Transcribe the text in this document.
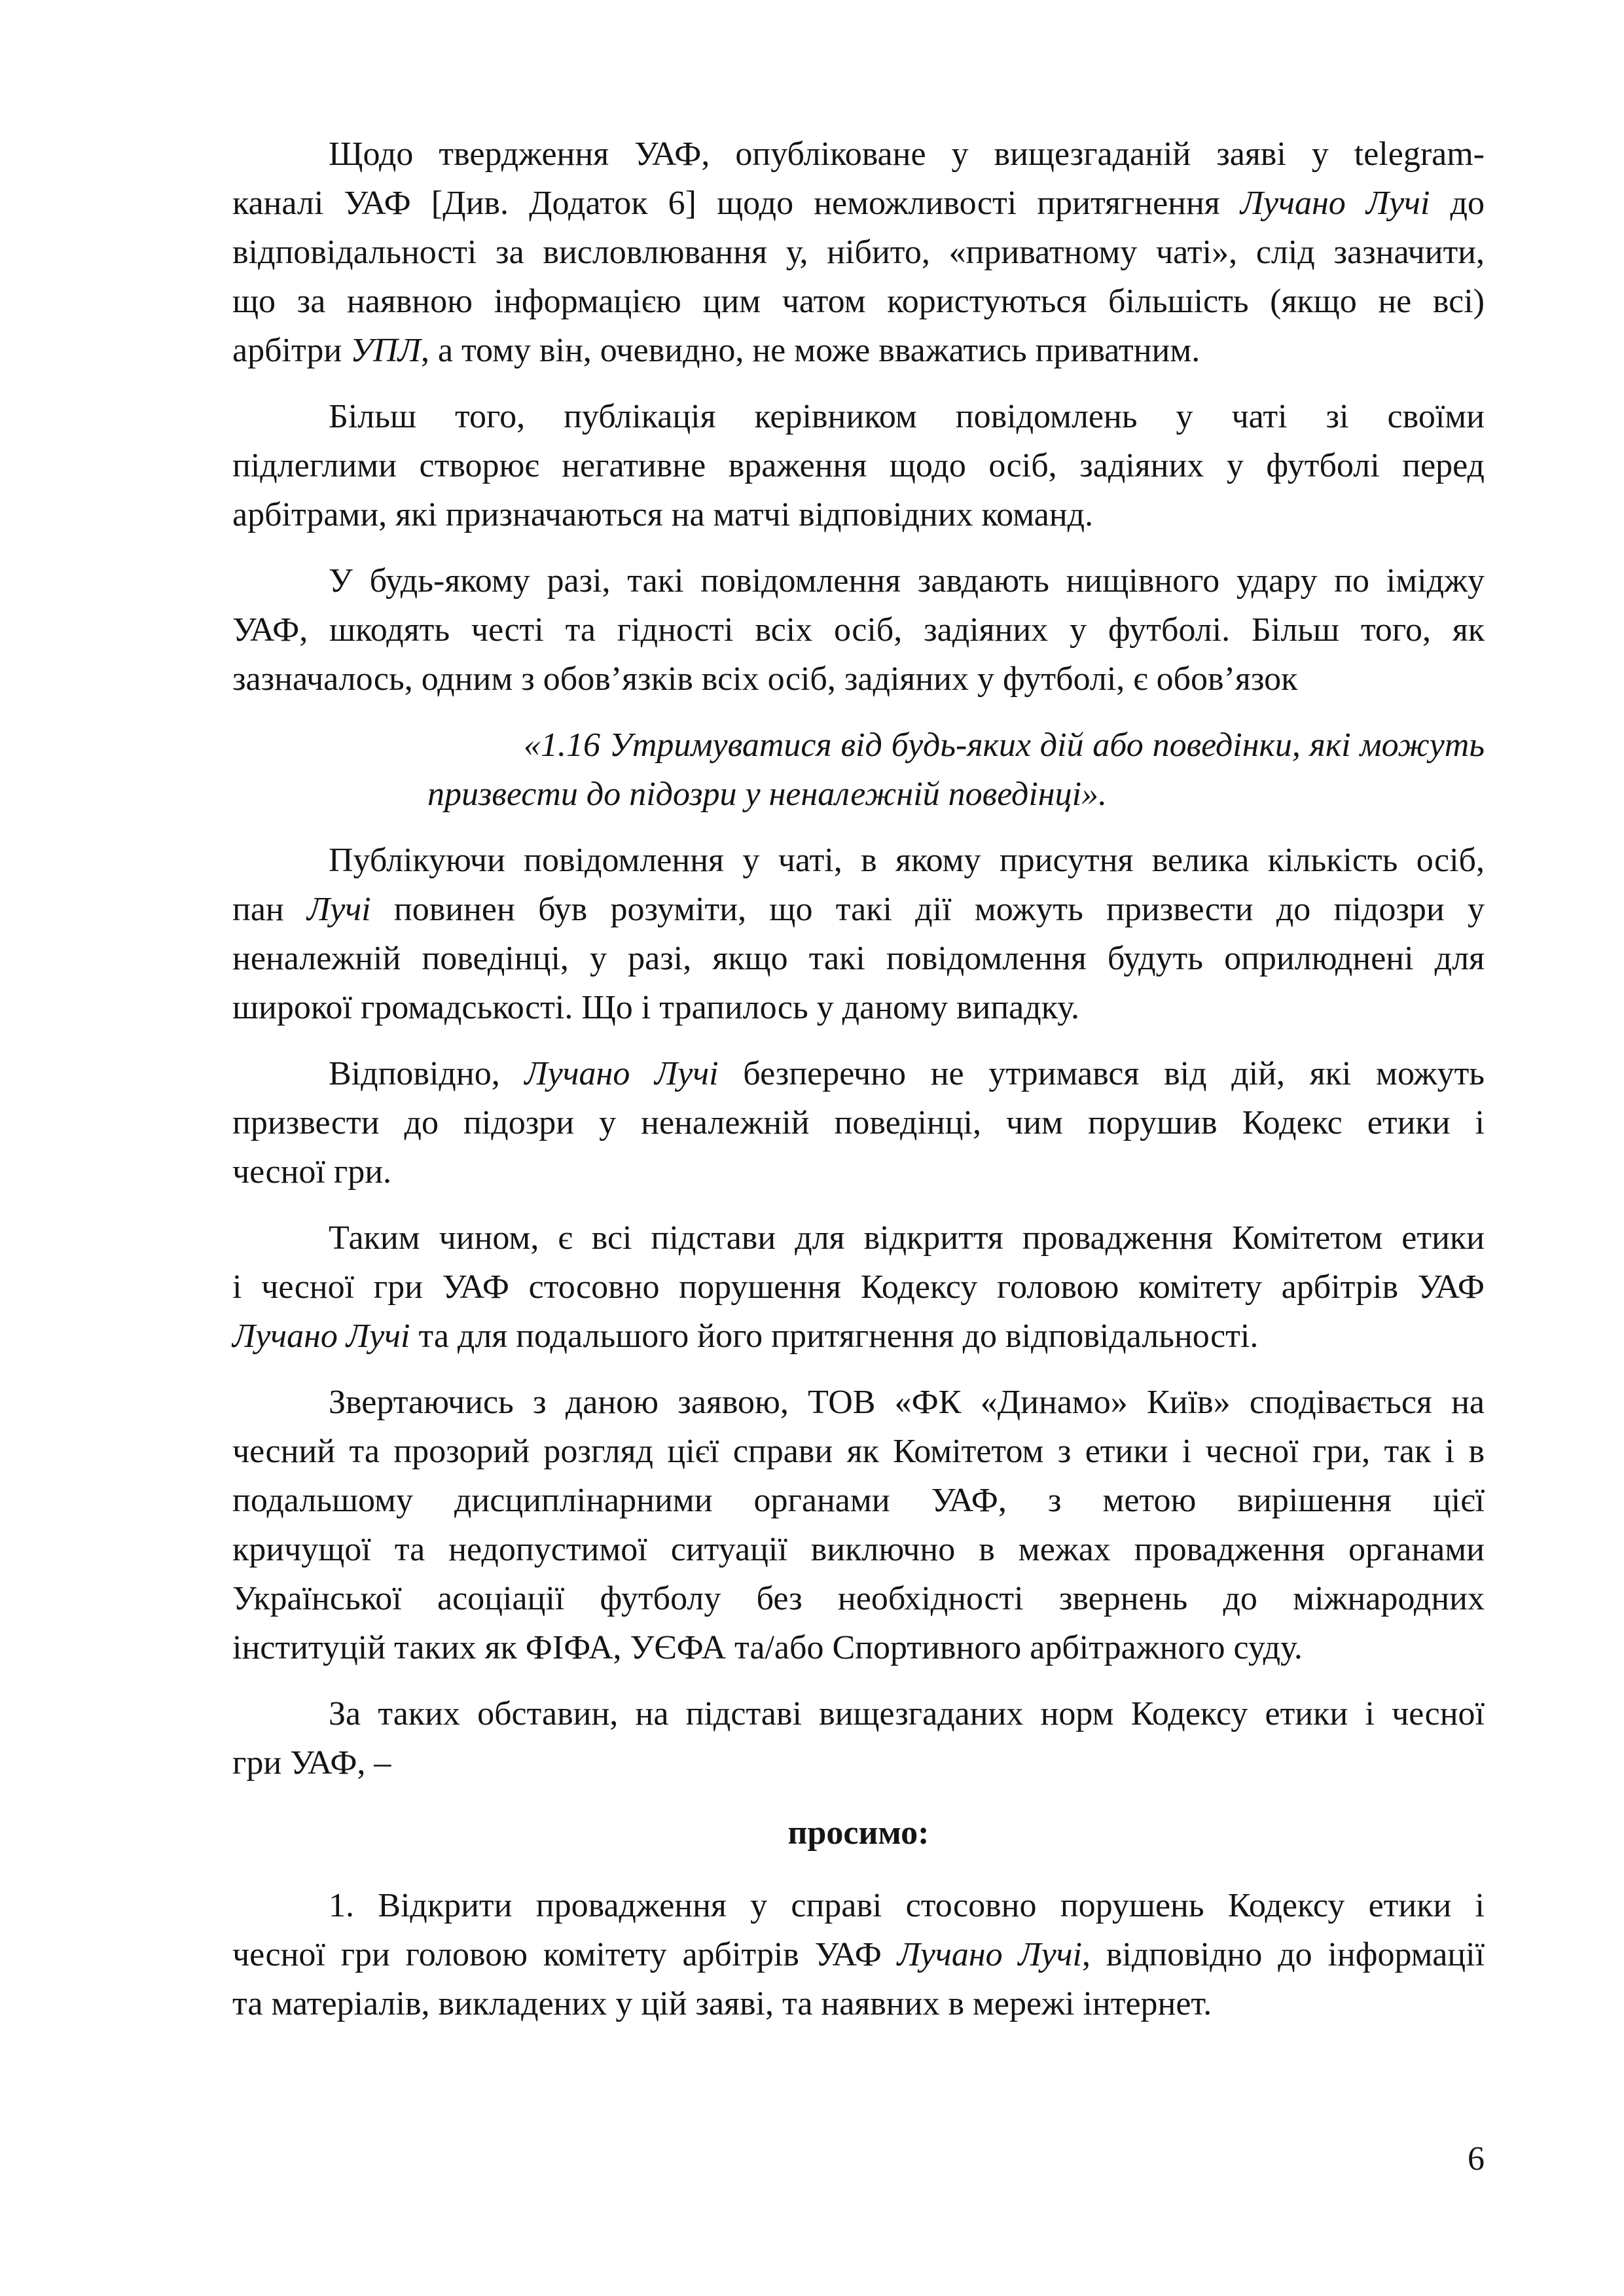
Щодо твердження УАФ, опубліковане у вищезгаданій заяві у telegram-
каналі УАФ [Див. Додаток 6] щодо неможливості притягнення Лучано Лучі до
відповідальності за висловлювання у, нібито, «приватному чаті», слід зазначити,
що за наявною інформацією цим чатом користуються більшість (якщо не всі)
арбітри УПЛ, а тому він, очевидно, не може вважатись приватним.
Більш того, публікація керівником повідомлень у чаті зі своїми
підлеглими створює негативне враження щодо осіб, задіяних у футболі перед
арбітрами, які призначаються на матчі відповідних команд.
У будь-якому разі, такі повідомлення завдають нищівного удару по іміджу
УАФ, шкодять честі та гідності всіх осіб, задіяних у футболі. Більш того, як
зазначалось, одним з обов’язків всіх осіб, задіяних у футболі, є обов’язок
«1.16 Утримуватися від будь-яких дій або поведінки, які можуть
призвести до підозри у неналежній поведінці».
Публікуючи повідомлення у чаті, в якому присутня велика кількість осіб,
пан Лучі повинен був розуміти, що такі дії можуть призвести до підозри у
неналежній поведінці, у разі, якщо такі повідомлення будуть оприлюднені для
широкої громадськості. Що і трапилось у даному випадку.
Відповідно, Лучано Лучі безперечно не утримався від дій, які можуть
призвести до підозри у неналежній поведінці, чим порушив Кодекс етики і
чесної гри.
Таким чином, є всі підстави для відкриття провадження Комітетом етики
і чесної гри УАФ стосовно порушення Кодексу головою комітету арбітрів УАФ
Лучано Лучі та для подальшого його притягнення до відповідальності.
Звертаючись з даною заявою, ТОВ «ФК «Динамо» Київ» сподівається на
чесний та прозорий розгляд цієї справи як Комітетом з етики і чесної гри, так і в
подальшому дисциплінарними органами УАФ, з метою вирішення цієї
кричущої та недопустимої ситуації виключно в межах провадження органами
Української асоціації футболу без необхідності звернень до міжнародних
інституцій таких як ФІФА, УЄФА та/або Спортивного арбітражного суду.
За таких обставин, на підставі вищезгаданих норм Кодексу етики і чесної
гри УАФ, –
просимо:
1. Відкрити провадження у справі стосовно порушень Кодексу етики і
чесної гри головою комітету арбітрів УАФ Лучано Лучі, відповідно до інформації
та матеріалів, викладених у цій заяві, та наявних в мережі інтернет.
6
